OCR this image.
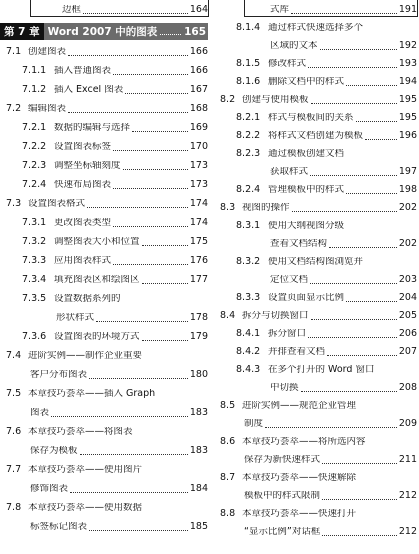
边框	164
第 7 章 Word 2007 中的图表	165
7.1 创建图表	166
7.1.1 插入普通图表	166
7.1.2 插入 Excel 图表	167
7.2 编辑图表	168
7.2.1 数据的编辑与选择	169
7.2.2 设置图表标签	170
7.2.3 调整坐标轴刻度	173
7.2.4 快速布局图表	173
7.3 设置图表格式	174
7.3.1 更改图表类型	174
7.3.2 调整图表大小和位置	175
7.3.3 应用图表样式	176
7.3.4 填充图表区和绘图区	177
7.3.5 设置数据系列的
形状样式	178
7.3.6 设置图表的环境方式	179
7.4 进阶实例——制作企业重要
客户分布图表	180
7.5 本章技巧荟萃——插入 Graph
图表	183
7.6 本章技巧荟萃——将图表
保存为模板	183
7.7 本章技巧荟萃——使用图片
修饰图表	184
7.8 本章技巧荟萃——使用数据
标签标记图表	185
式库	191
8.1.4 通过样式快速选择多个
区域的文本	192
8.1.5 修改样式	193
8.1.6 删除文档中的样式	194
8.2 创建与使用模板	195
8.2.1 样式与模板间的关系	195
8.2.2 将样式文档创建为模板	196
8.2.3 通过模板创建文档
获取样式	197
8.2.4 管理模板中的样式	198
8.3 视图的操作	202
8.3.1 使用大纲视图分级
查看文档结构	202
8.3.2 使用文档结构图浏览并
定位文档	203
8.3.3 设置页面显示比例	204
8.4 拆分与切换窗口	205
8.4.1 拆分窗口	206
8.4.2 并排查看文档	207
8.4.3 在多个打开的 Word 窗口
中切换	208
8.5 进阶实例——规范企业管理
制度	209
8.6 本章技巧荟萃——将所选内容
保存为新快速样式	211
8.7 本章技巧荟萃——快速解除
模板中的样式限制	212
8.8 本章技巧荟萃——快速打开
“显示比例”对话框	212
